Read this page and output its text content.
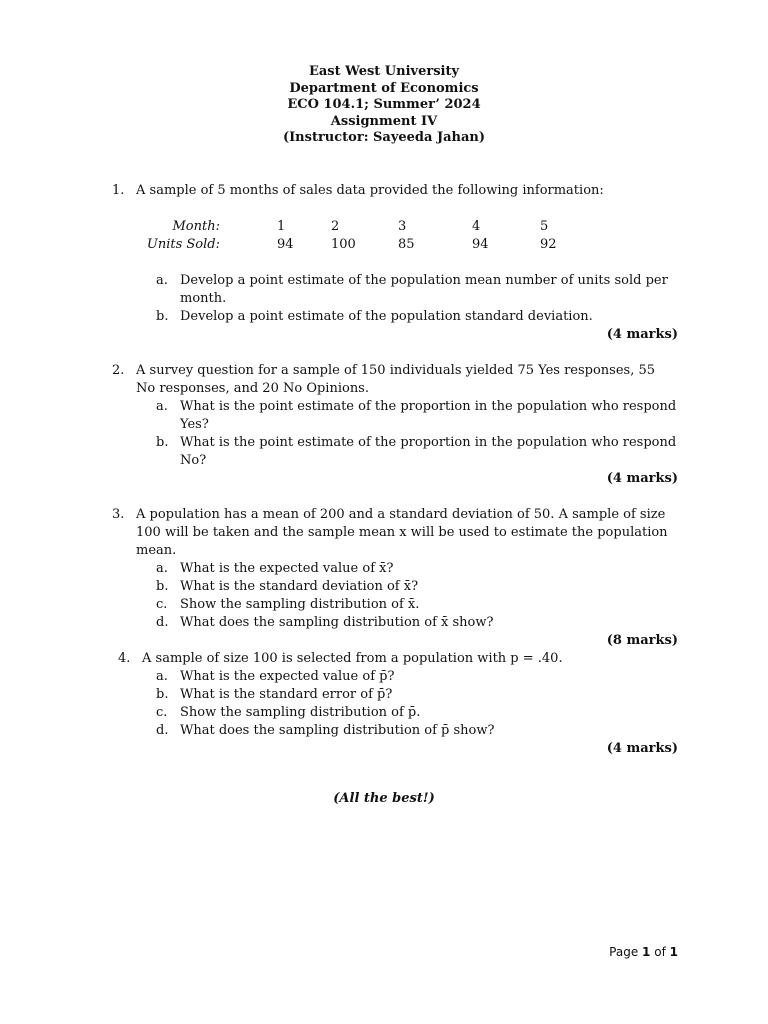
East West University
Department of Economics
ECO 104.1; Summer’ 2024
Assignment IV
(Instructor: Sayeeda Jahan)
1. A sample of 5 months of sales data provided the following information:
Month:	1	2	3	4	5
Units Sold:	94	100	85	94	92
a. Develop a point estimate of the population mean number of units sold per month.
b. Develop a point estimate of the population standard deviation.
(4 marks)
2. A survey question for a sample of 150 individuals yielded 75 Yes responses, 55 No responses, and 20 No Opinions.
a. What is the point estimate of the proportion in the population who respond Yes?
b. What is the point estimate of the proportion in the population who respond No?
(4 marks)
3. A population has a mean of 200 and a standard deviation of 50. A sample of size 100 will be taken and the sample mean x will be used to estimate the population mean.
a. What is the expected value of x̄?
b. What is the standard deviation of x̄?
c. Show the sampling distribution of x̄.
d. What does the sampling distribution of x̄ show?
(8 marks)
4. A sample of size 100 is selected from a population with p = .40.
a. What is the expected value of p̄?
b. What is the standard error of p̄?
c. Show the sampling distribution of p̄.
d. What does the sampling distribution of p̄ show?
(4 marks)
(All the best!)
Page 1 of 1
